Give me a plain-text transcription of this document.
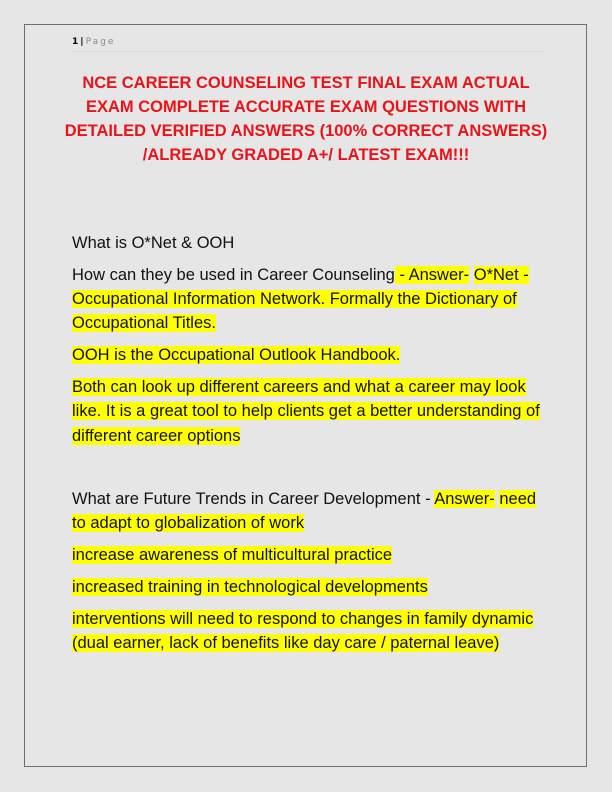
1 | Page
NCE CAREER COUNSELING TEST FINAL EXAM ACTUAL EXAM COMPLETE ACCURATE EXAM QUESTIONS WITH DETAILED VERIFIED ANSWERS (100% CORRECT ANSWERS) /ALREADY GRADED A+/ LATEST EXAM!!!

What is O*Net & OOH

How can they be used in Career Counseling - Answer- O*Net - Occupational Information Network. Formally the Dictionary of Occupational Titles.

OOH is the Occupational Outlook Handbook.

Both can look up different careers and what a career may look like. It is a great tool to help clients get a better understanding of different career options

What are Future Trends in Career Development - Answer- need to adapt to globalization of work

increase awareness of multicultural practice

increased training in technological developments

interventions will need to respond to changes in family dynamic (dual earner, lack of benefits like day care / paternal leave)
